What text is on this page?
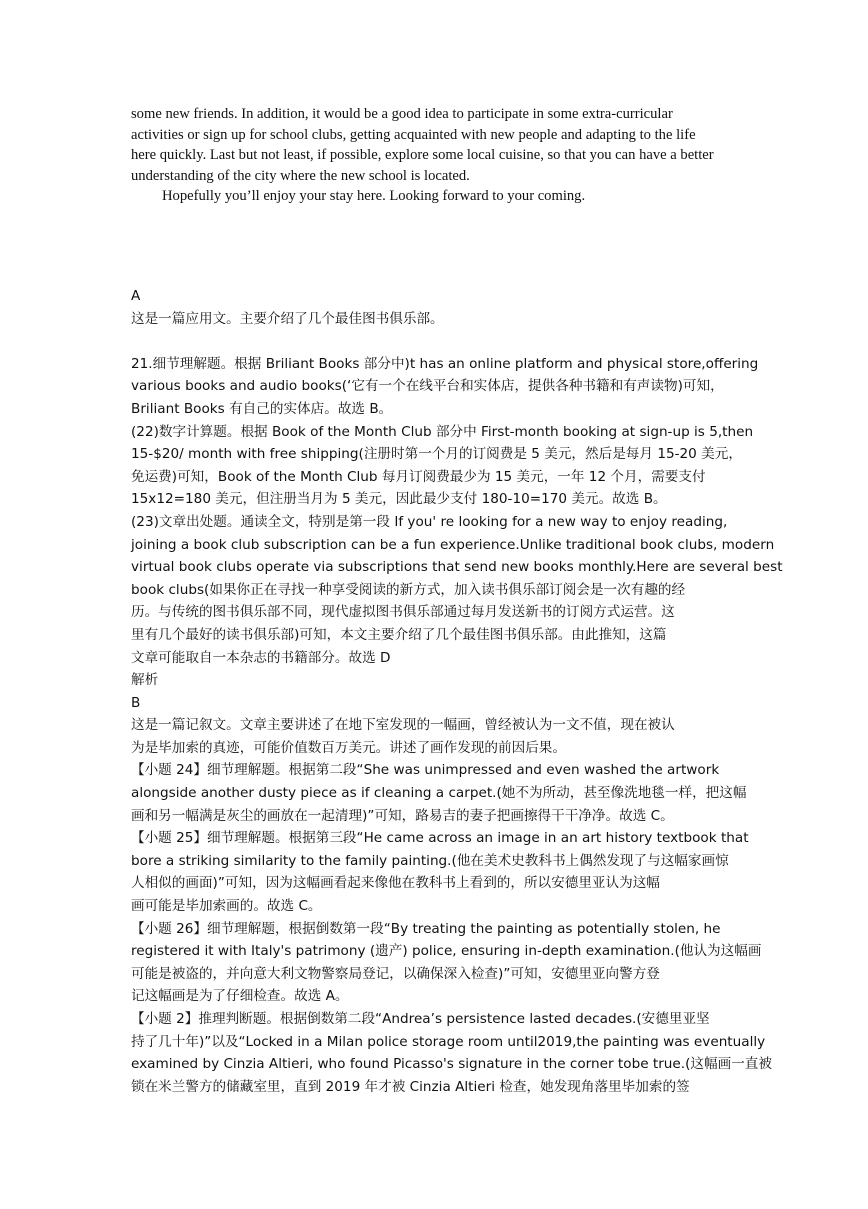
some new friends. In addition, it would be a good idea to participate in some extra-curricular

activities or sign up for school clubs, getting acquainted with new people and adapting to the life

here quickly. Last but not least, if possible, explore some local cuisine, so that you can have a better

understanding of the city where the new school is located.

Hopefully you’ll enjoy your stay here. Looking forward to your coming.

A

这是一篇应用文。主要介绍了几个最佳图书俱乐部。

21.细节理解题。根据 Briliant Books 部分中)t has an online platform and physical store,offering

various books and audio books(‘它有一个在线平台和实体店，提供各种书籍和有声读物)可知，

Briliant Books 有自己的实体店。故选 B。

(22)数字计算题。根据 Book of the Month Club 部分中 First-month booking at sign-up is 5,then

15-$20/ month with free shipping(注册时第一个月的订阅费是 5 美元，然后是每月 15-20 美元，

免运费)可知，Book of the Month Club 每月订阅费最少为 15 美元，一年 12 个月，需要支付

15x12=180 美元，但注册当月为 5 美元，因此最少支付 180-10=170 美元。故选 B。

(23)文章出处题。通读全文，特别是第一段 If you' re looking for a new way to enjoy reading,

joining a book club subscription can be a fun experience.Unlike traditional book clubs, modern

virtual book clubs operate via subscriptions that send new books monthly.Here are several best

book clubs(如果你正在寻找一种享受阅读的新方式，加入读书俱乐部订阅会是一次有趣的经

历。与传统的图书俱乐部不同，现代虚拟图书俱乐部通过每月发送新书的订阅方式运营。这

里有几个最好的读书俱乐部)可知，本文主要介绍了几个最佳图书俱乐部。由此推知，这篇

文章可能取自一本杂志的书籍部分。故选 D

解析

B

这是一篇记叙文。文章主要讲述了在地下室发现的一幅画，曾经被认为一文不值，现在被认

为是毕加索的真迹，可能价值数百万美元。讲述了画作发现的前因后果。

【小题 24】细节理解题。根据第二段“She was unimpressed and even washed the artwork

alongside another dusty piece as if cleaning a carpet.(她不为所动，甚至像洗地毯一样，把这幅

画和另一幅满是灰尘的画放在一起清理)”可知，路易吉的妻子把画擦得干干净净。故选 C。

【小题 25】细节理解题。根据第三段“He came across an image in an art history textbook that

bore a striking similarity to the family painting.(他在美术史教科书上偶然发现了与这幅家画惊

人相似的画面)”可知，因为这幅画看起来像他在教科书上看到的，所以安德里亚认为这幅

画可能是毕加索画的。故选 C。

【小题 26】细节理解题，根据倒数第一段“By treating the painting as potentially stolen, he

registered it with Italy's patrimony (遗产) police, ensuring in-depth examination.(他认为这幅画

可能是被盗的，并向意大利文物警察局登记，以确保深入检查)”可知，安德里亚向警方登

记这幅画是为了仔细检查。故选 A。

【小题 2】推理判断题。根据倒数第二段“Andrea’s persistence lasted decades.(安德里亚坚

持了几十年)”以及“Locked in a Milan police storage room until2019,the painting was eventually

examined by Cinzia Altieri, who found Picasso's signature in the corner tobe true.(这幅画一直被

锁在米兰警方的储藏室里，直到 2019 年才被 Cinzia Altieri 检查，她发现角落里毕加索的签
